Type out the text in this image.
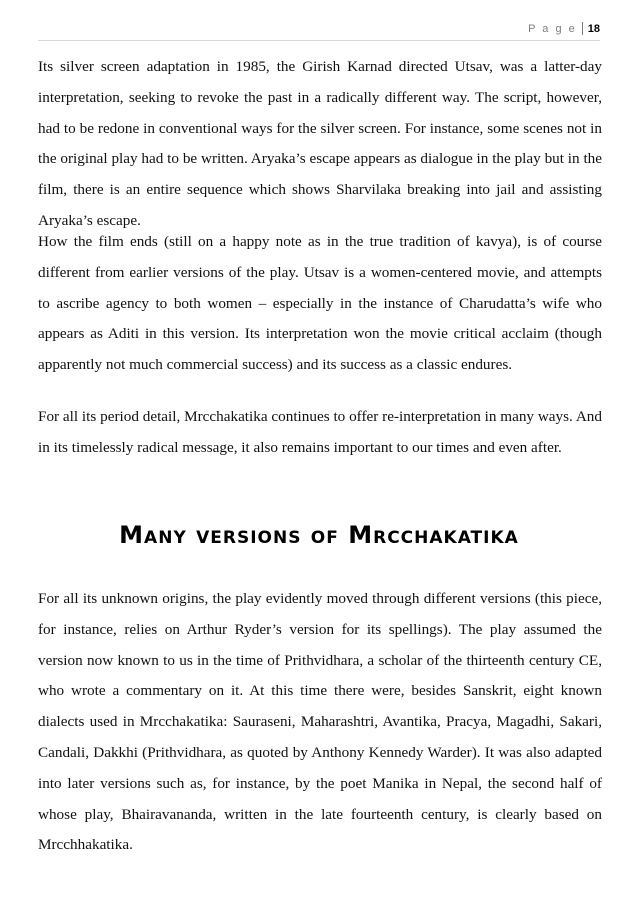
P a g e 18

Its silver screen adaptation in 1985, the Girish Karnad directed Utsav, was a latter-day interpretation, seeking to revoke the past in a radically different way. The script, however, had to be redone in conventional ways for the silver screen. For instance, some scenes not in the original play had to be written. Aryaka’s escape appears as dialogue in the play but in the film, there is an entire sequence which shows Sharvilaka breaking into jail and assisting Aryaka’s escape.

How the film ends (still on a happy note as in the true tradition of kavya), is of course different from earlier versions of the play. Utsav is a women-centered movie, and attempts to ascribe agency to both women – especially in the instance of Charudatta’s wife who appears as Aditi in this version. Its interpretation won the movie critical acclaim (though apparently not much commercial success) and its success as a classic endures.

For all its period detail, Mrcchakatika continues to offer re-interpretation in many ways. And in its timelessly radical message, it also remains important to our times and even after.

Many versions of Mrcchakatika

For all its unknown origins, the play evidently moved through different versions (this piece, for instance, relies on Arthur Ryder’s version for its spellings). The play assumed the version now known to us in the time of Prithvidhara, a scholar of the thirteenth century CE, who wrote a commentary on it. At this time there were, besides Sanskrit, eight known dialects used in Mrcchakatika: Sauraseni, Maharashtri, Avantika, Pracya, Magadhi, Sakari, Candali, Dakkhi (Prithvidhara, as quoted by Anthony Kennedy Warder). It was also adapted into later versions such as, for instance, by the poet Manika in Nepal, the second half of whose play, Bhairavananda, written in the late fourteenth century, is clearly based on Mrcchhakatika.
